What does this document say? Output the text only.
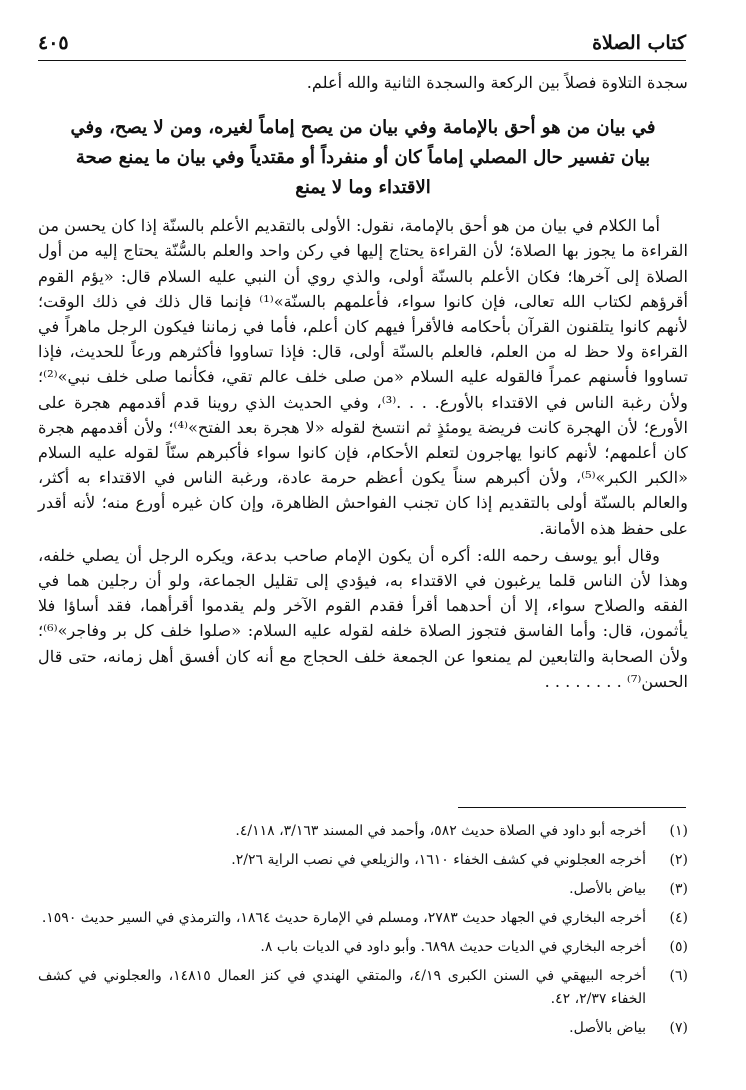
كتاب الصلاة
٤٠٥

سجدة التلاوة فصلاً بين الركعة والسجدة الثانية والله أعلم.

في بيان من هو أحق بالإمامة وفي بيان من يصح إماماً لغيره، ومن لا يصح، وفي بيان تفسير حال المصلي إماماً كان أو منفرداً أو مقتدياً وفي بيان ما يمنع صحة الاقتداء وما لا يمنع

أما الكلام في بيان من هو أحق بالإمامة، نقول: الأولى بالتقديم الأعلم بالسنّة إذا كان يحسن من القراءة ما يجوز بها الصلاة؛ لأن القراءة يحتاج إليها في ركن واحد والعلم بالسُّنّة يحتاج إليه من أول الصلاة إلى آخرها؛ فكان الأعلم بالسنّة أولى، والذي روي أن النبي عليه السلام قال: «يؤم القوم أقرؤهم لكتاب الله تعالى، فإن كانوا سواء، فأعلمهم بالسنّة»⁽¹⁾ فإنما قال ذلك في ذلك الوقت؛ لأنهم كانوا يتلقنون القرآن بأحكامه فالأقرأ فيهم كان أعلم، فأما في زماننا فيكون الرجل ماهراً في القراءة ولا حظ له من العلم، فالعلم بالسنّة أولى، قال: فإذا تساووا فأكثرهم ورعاً للحديث، فإذا تساووا فأسنهم عمراً فالقوله عليه السلام «من صلى خلف عالم تقي، فكأنما صلى خلف نبي»⁽²⁾؛ ولأن رغبة الناس في الاقتداء بالأورع. . . .⁽³⁾، وفي الحديث الذي روينا قدم أقدمهم هجرة على الأورع؛ لأن الهجرة كانت فريضة يومئذٍ ثم انتسخ لقوله «لا هجرة بعد الفتح»⁽⁴⁾؛ ولأن أقدمهم هجرة كان أعلمهم؛ لأنهم كانوا يهاجرون لتعلم الأحكام، فإن كانوا سواء فأكبرهم سنّاً لقوله عليه السلام «الكبر الكبر»⁽⁵⁾، ولأن أكبرهم سناً يكون أعظم حرمة عادة، ورغبة الناس في الاقتداء به أكثر، والعالم بالسنّة أولى بالتقديم إذا كان تجنب الفواحش الظاهرة، وإن كان غيره أورع منه؛ لأنه أقدر على حفظ هذه الأمانة.

وقال أبو يوسف رحمه الله: أكره أن يكون الإمام صاحب بدعة، ويكره الرجل أن يصلي خلفه، وهذا لأن الناس قلما يرغبون في الاقتداء به، فيؤدي إلى تقليل الجماعة، ولو أن رجلين هما في الفقه والصلاح سواء، إلا أن أحدهما أقرأ فقدم القوم الآخر ولم يقدموا أقرأهما، فقد أساؤا فلا يأثمون، قال: وأما الفاسق فتجوز الصلاة خلفه لقوله عليه السلام: «صلوا خلف كل بر وفاجر»⁽⁶⁾؛ ولأن الصحابة والتابعين لم يمنعوا عن الجمعة خلف الحجاج مع أنه كان أفسق أهل زمانه، حتى قال الحسن⁽⁷⁾ . . . . . . . .

(١)
أخرجه أبو داود في الصلاة حديث ٥٨٢، وأحمد في المسند ٣/١٦٣، ٤/١١٨.
(٢)
أخرجه العجلوني في كشف الخفاء ١٦١٠، والزيلعي في نصب الراية ٢/٢٦.
(٣)
بياض بالأصل.
(٤)
أخرجه البخاري في الجهاد حديث ٢٧٨٣، ومسلم في الإمارة حديث ١٨٦٤، والترمذي في السير حديث ١٥٩٠.
(٥)
أخرجه البخاري في الديات حديث ٦٨٩٨. وأبو داود في الديات باب ٨.
(٦)
أخرجه البيهقي في السنن الكبرى ٤/١٩، والمتقي الهندي في كنز العمال ١٤٨١٥، والعجلوني في كشف الخفاء ٢/٣٧، ٤٢.
(٧)
بياض بالأصل.
